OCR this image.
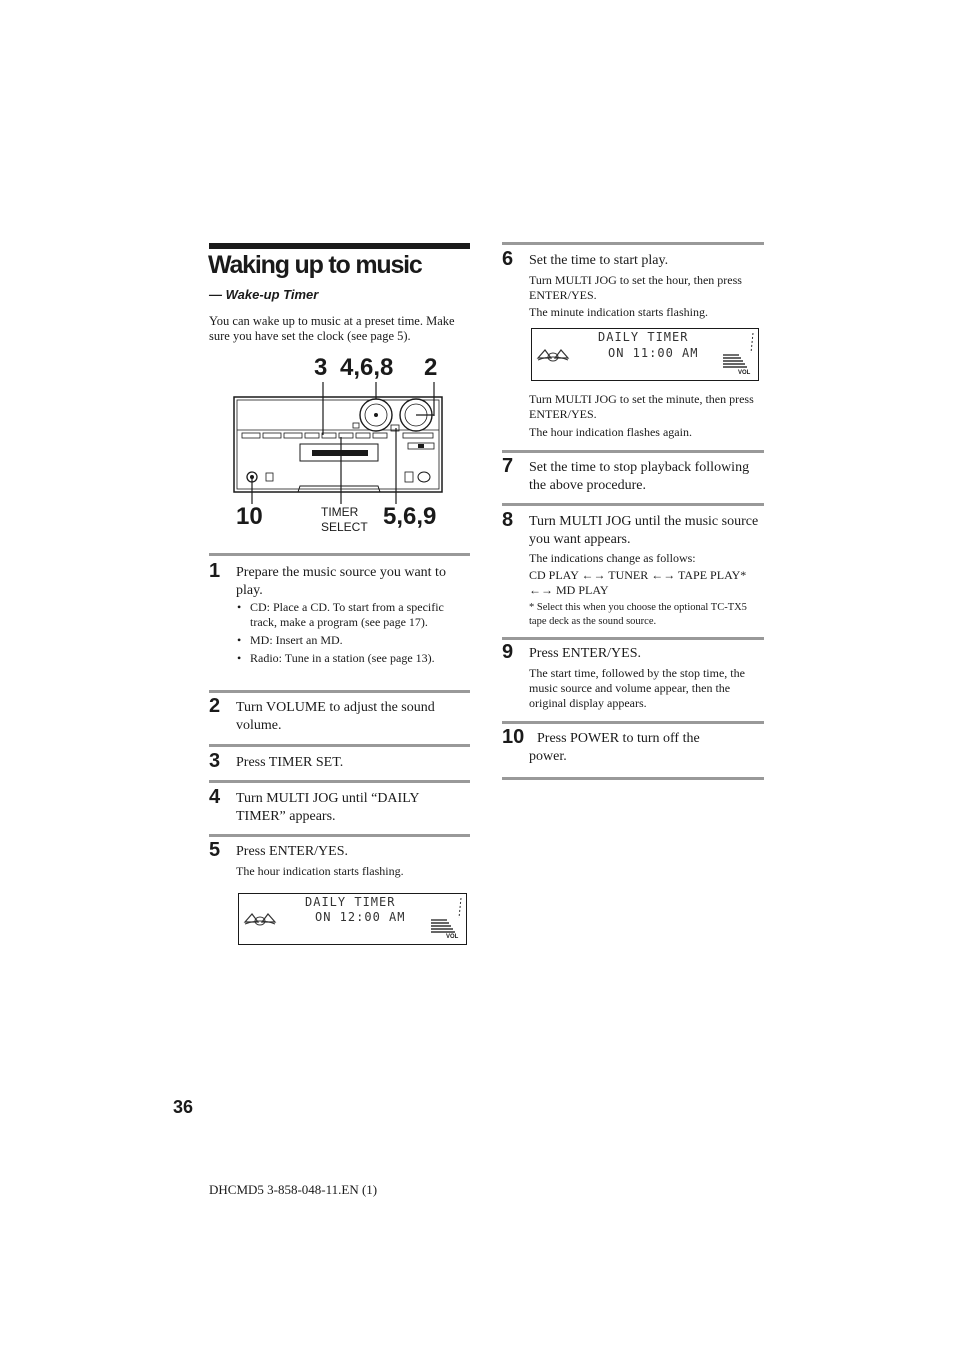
Waking up to music
— Wake-up Timer
You can wake up to music at a preset time. Make sure you have set the clock (see page 5).
3 4,6,8 2
10	5,6,9
TIMER
SELECT
1 Prepare the music source you want to play.
• CD: Place a CD. To start from a specific track, make a program (see page 17).
• MD: Insert an MD.
• Radio: Tune in a station (see page 13).
2 Turn VOLUME to adjust the sound volume.
3 Press TIMER SET.
4 Turn MULTI JOG until “DAILY TIMER” appears.
5 Press ENTER/YES.
The hour indication starts flashing.
DAILY TIMER
ON 12:00 AM
VOL
6 Set the time to start play.
Turn MULTI JOG to set the hour, then press ENTER/YES.
The minute indication starts flashing.
DAILY TIMER
ON 11:00 AM
VOL
Turn MULTI JOG to set the minute, then press ENTER/YES.
The hour indication flashes again.
7 Set the time to stop playback following the above procedure.
8 Turn MULTI JOG until the music source you want appears.
The indications change as follows:
CD PLAY ←→ TUNER ←→ TAPE PLAY* ←→ MD PLAY
* Select this when you choose the optional TC-TX5 tape deck as the sound source.
9 Press ENTER/YES.
The start time, followed by the stop time, the music source and volume appear, then the original display appears.
10 Press POWER to turn off the power.
36
DHCMD5 3-858-048-11.EN (1)
